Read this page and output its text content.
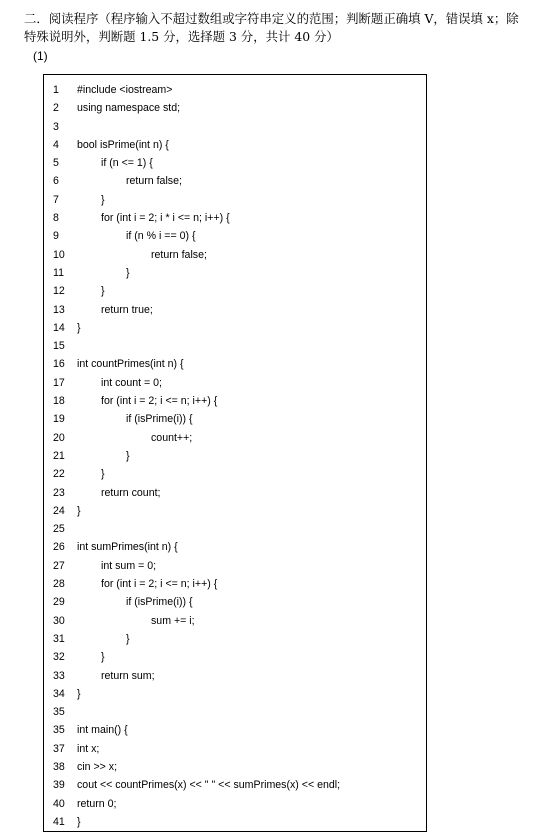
二．阅读程序（程序输入不超过数组或字符串定义的范围；判断题正确填 V，错误填 x；除特殊说明外，判断题 1.5 分，选择题 3 分，共计 40 分）

(1)
1	#include <iostream>
2	using namespace std;
3
4	bool isPrime(int n) {
5	if (n <= 1) {
6	return false;
7	}
8	for (int i = 2; i * i <= n; i++) {
9	if (n % i == 0) {
10	return false;
11	}
12	}
13	return true;
14	}
15
16	int countPrimes(int n) {
17	int count = 0;
18	for (int i = 2; i <= n; i++) {
19	if (isPrime(i)) {
20	count++;
21	}
22	}
23	return count;
24	}
25
26	int sumPrimes(int n) {
27	int sum = 0;
28	for (int i = 2; i <= n; i++) {
29	if (isPrime(i)) {
30	sum += i;
31	}
32	}
33	return sum;
34	}
35
35	int main() {
37	int x;
38	cin >> x;
39	cout << countPrimes(x) << " " << sumPrimes(x) << endl;
40	return 0;
41	}
